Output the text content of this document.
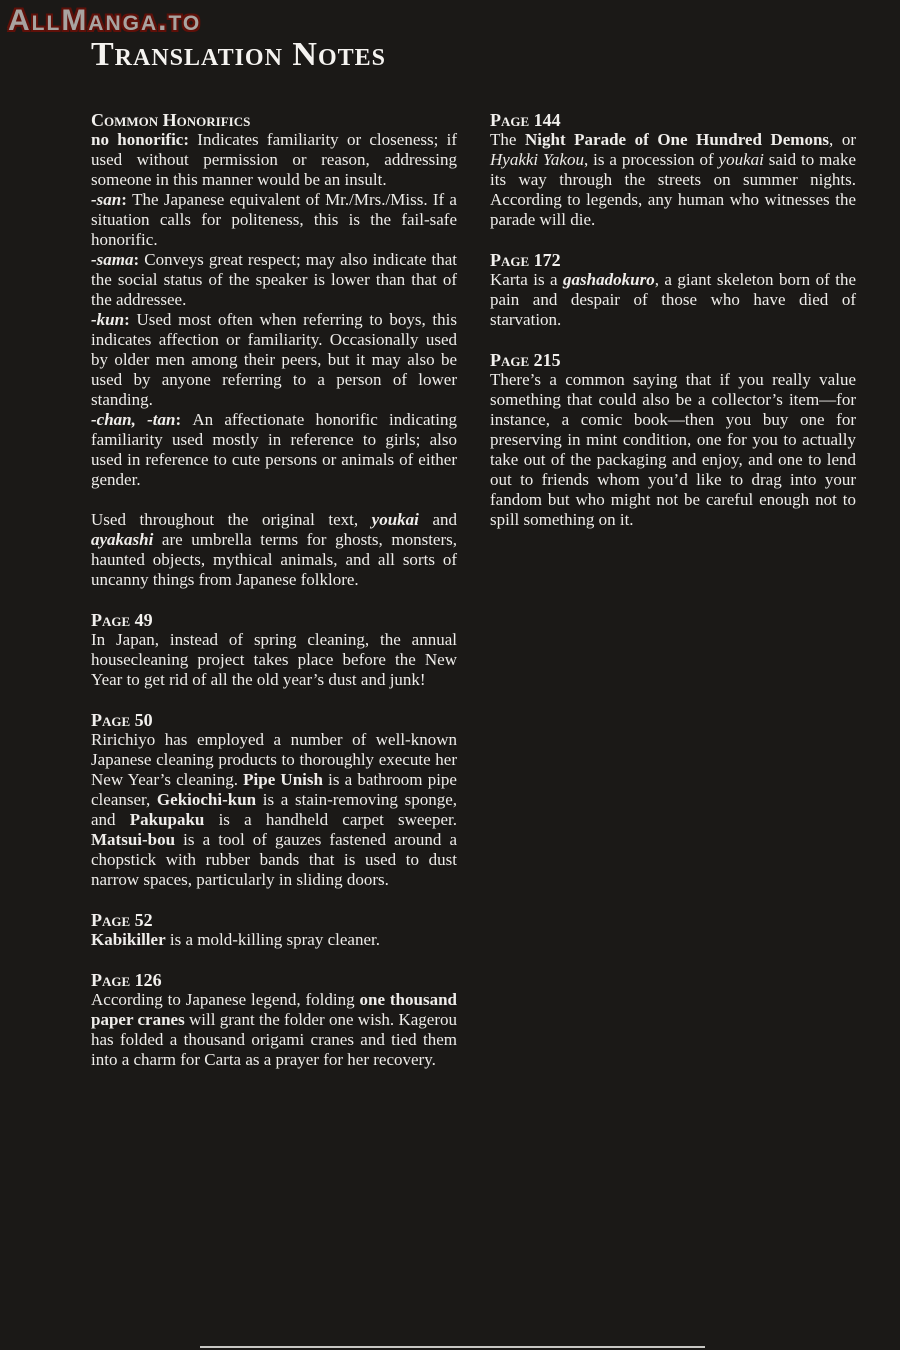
AllManga.to
Translation Notes
Common Honorifics

no honorific: Indicates familiarity or closeness; if used without permission or reason, addressing someone in this manner would be an insult.

-san: The Japanese equivalent of Mr./Mrs./Miss. If a situation calls for politeness, this is the fail-safe honorific.

-sama: Conveys great respect; may also indicate that the social status of the speaker is lower than that of the addressee.

-kun: Used most often when referring to boys, this indicates affection or familiarity. Occasionally used by older men among their peers, but it may also be used by anyone referring to a person of lower standing.

-chan, -tan: An affectionate honorific indicating familiarity used mostly in reference to girls; also used in reference to cute persons or animals of either gender.

Used throughout the original text, youkai and ayakashi are umbrella terms for ghosts, monsters, haunted objects, mythical animals, and all sorts of uncanny things from Japanese folklore.

Page 49

In Japan, instead of spring cleaning, the annual housecleaning project takes place before the New Year to get rid of all the old year’s dust and junk!

Page 50

Ririchiyo has employed a number of well-known Japanese cleaning products to thoroughly execute her New Year’s cleaning. Pipe Unish is a bathroom pipe cleanser, Gekiochi-kun is a stain-removing sponge, and Pakupaku is a handheld carpet sweeper. Matsui-bou is a tool of gauzes fastened around a chopstick with rubber bands that is used to dust narrow spaces, particularly in sliding doors.

Page 52

Kabikiller is a mold-killing spray cleaner.

Page 126

According to Japanese legend, folding one thousand paper cranes will grant the folder one wish. Kagerou has folded a thousand origami cranes and tied them into a charm for Carta as a prayer for her recovery.

Page 144

The Night Parade of One Hundred Demons, or Hyakki Yakou, is a procession of youkai said to make its way through the streets on summer nights. According to legends, any human who witnesses the parade will die.

Page 172

Karta is a gashadokuro, a giant skeleton born of the pain and despair of those who have died of starvation.

Page 215

There’s a common saying that if you really value something that could also be a collector’s item—for instance, a comic book—then you buy one for preserving in mint condition, one for you to actually take out of the packaging and enjoy, and one to lend out to friends whom you’d like to drag into your fandom but who might not be careful enough not to spill something on it.
